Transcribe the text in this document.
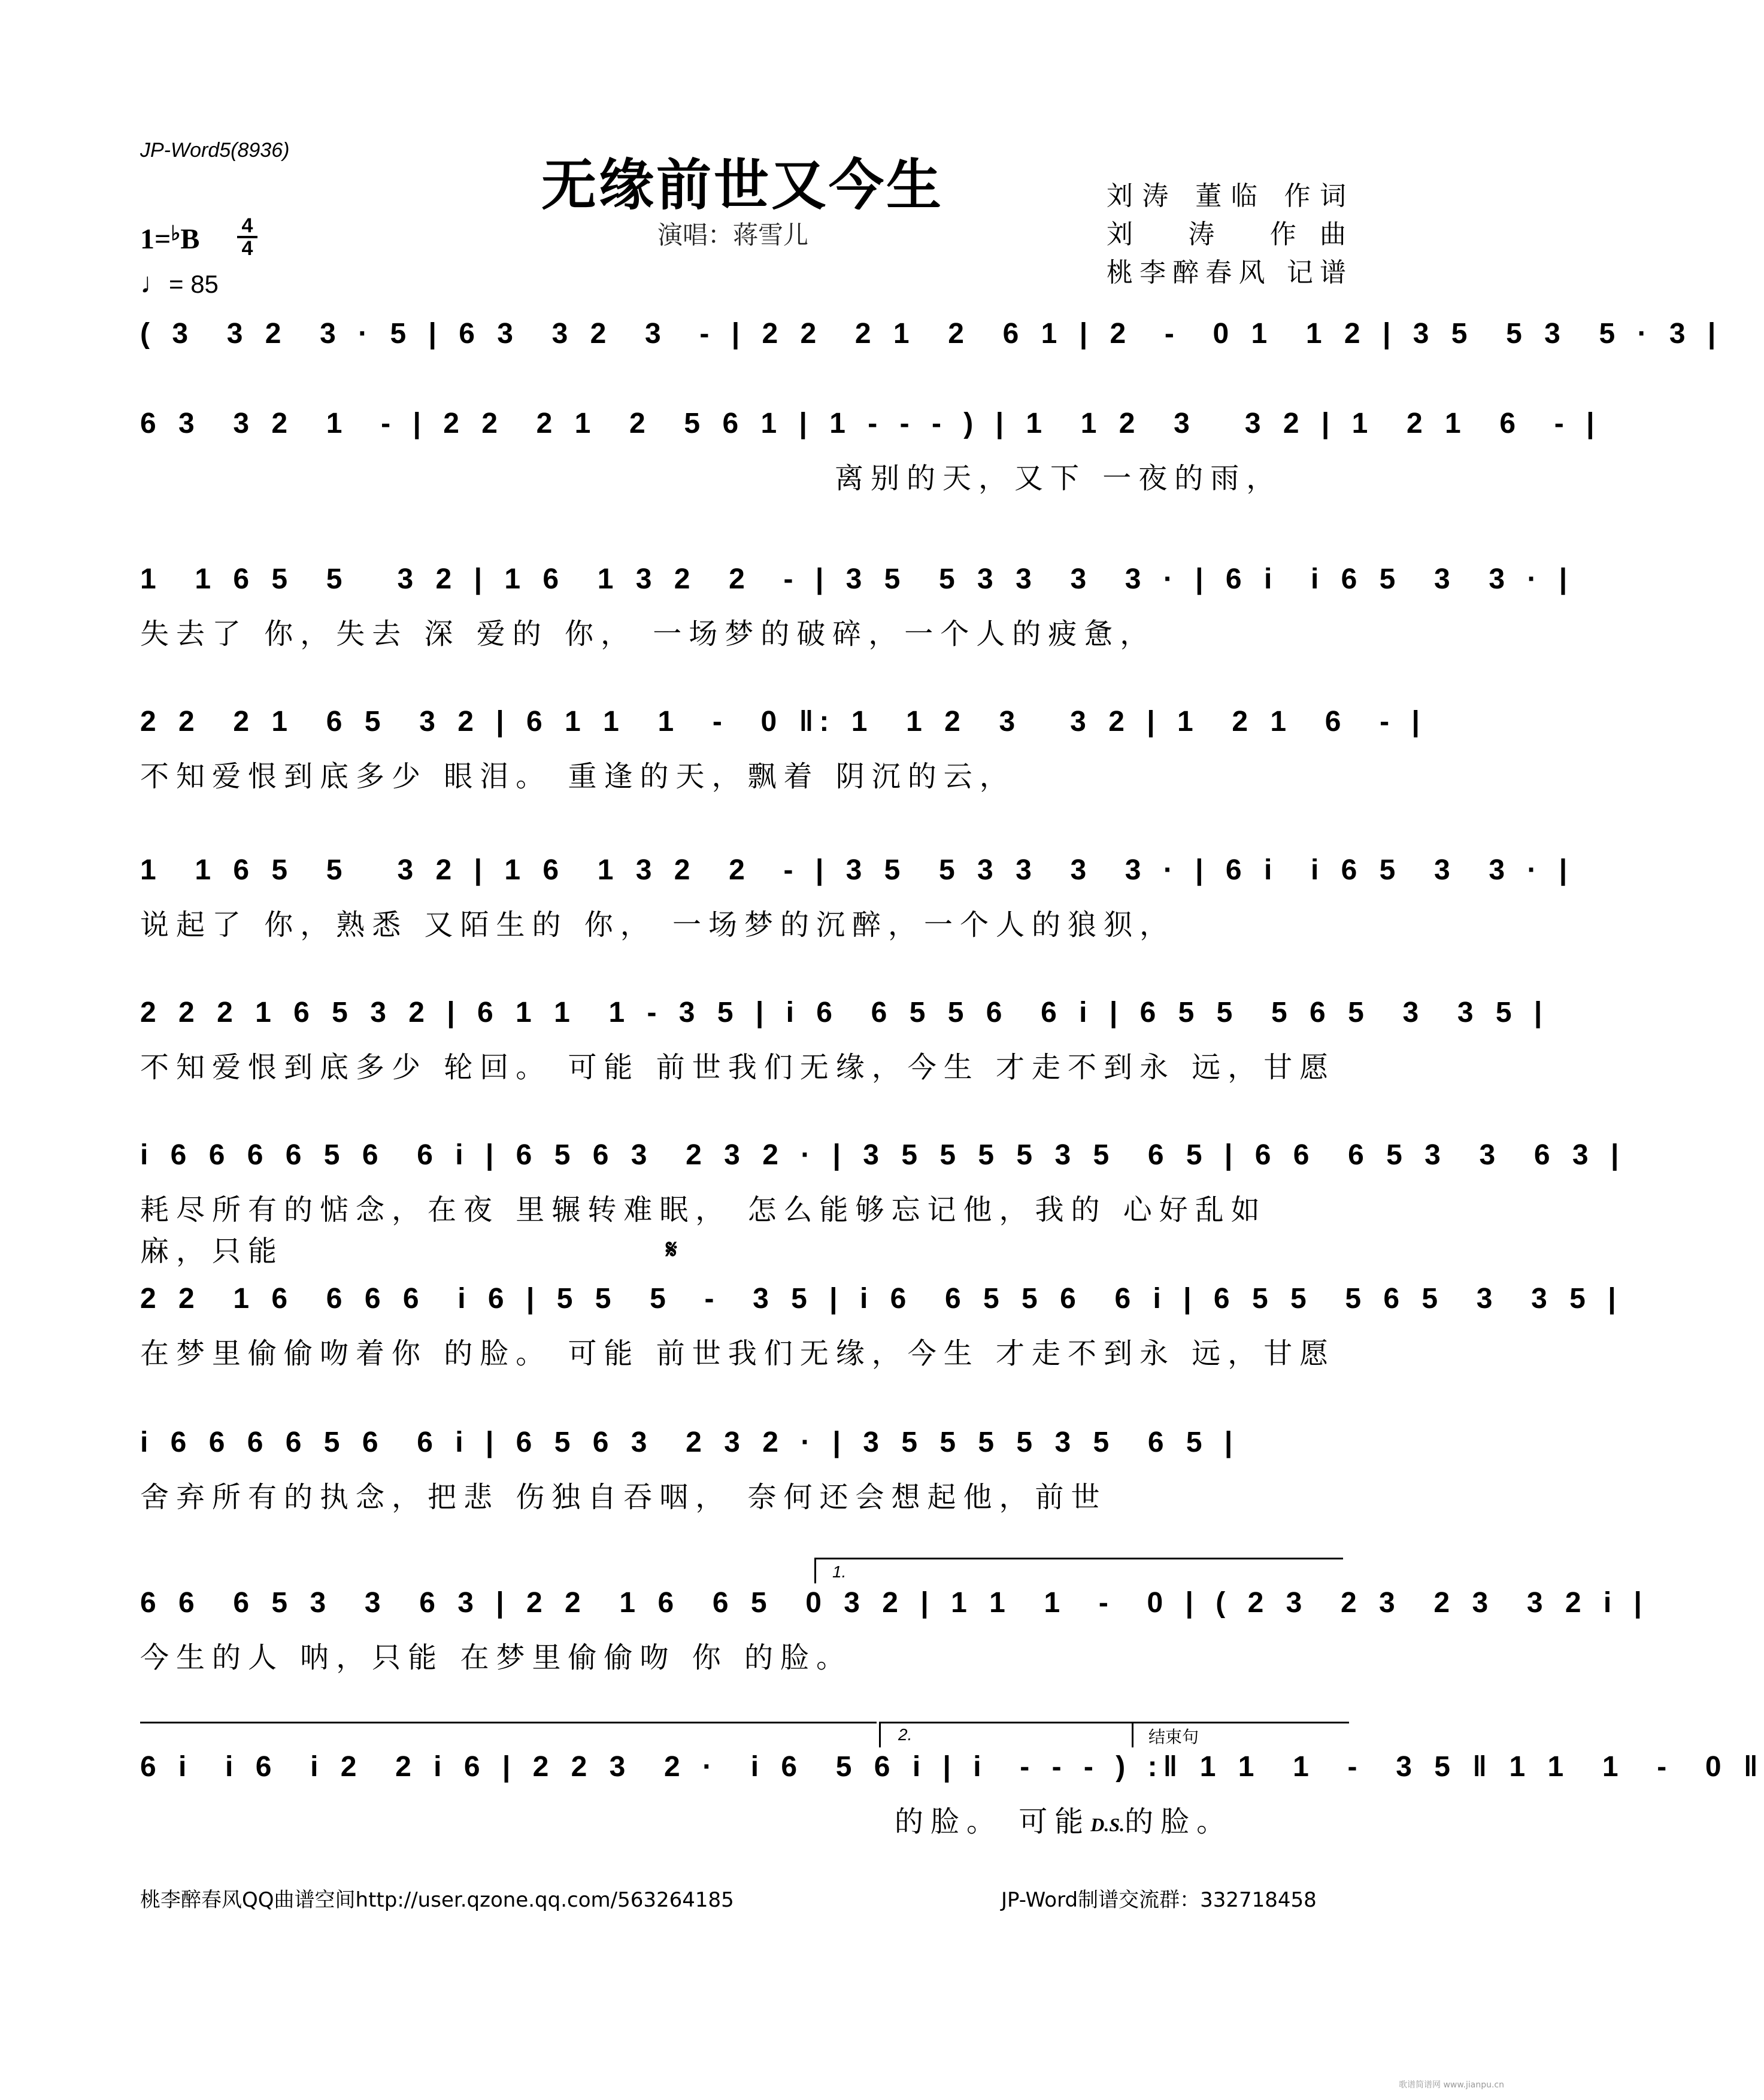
JP-Word5(8936)
无缘前世又今生
演唱：蒋雪儿
刘涛 董临 作词
刘 涛 作曲
桃李醉春风 记谱
1=♭B 4
4
♩= 85
( 3  3 2  3 · 5 | 6 3  3 2  3  - | 2 2  2 1  2  6 1 | 2  -  0 1  1 2 | 3 5  5 3  5 · 3 |
6 3  3 2  1  - | 2 2  2 1  2  5 6 1 | 1 - - - ) | 1  1 2  3   3 2 | 1  2 1  6  - |
离别的天，又下 一夜的雨，
1  1 6 5  5   3 2 | 1 6  1 3 2  2  - | 3 5  5 3 3  3  3 · | 6 i  i 6 5  3  3 · |
失去了 你，失去 深 爱的 你， 一场梦的破碎，一个人的疲惫，
2 2  2 1  6 5  3 2 | 6 1 1  1  -  0 ‖: 1  1 2  3   3 2 | 1  2 1  6  - |
不知爱恨到底多少 眼泪。 重逢的天，飘着 阴沉的云，
1  1 6 5  5   3 2 | 1 6  1 3 2  2  - | 3 5  5 3 3  3  3 · | 6 i  i 6 5  3  3 · |
说起了 你，熟悉 又陌生的 你， 一场梦的沉醉，一个人的狼狈，
2 2 2 1 6 5 3 2 | 6 1 1  1 - 3 5 | i 6  6 5 5 6  6 i | 6 5 5  5 6 5  3  3 5 |
不知爱恨到底多少 轮回。 可能 前世我们无缘，今生 才走不到永 远，甘愿
i 6 6 6 6 5 6  6 i | 6 5 6 3  2 3 2 · | 3 5 5 5 5 3 5  6 5 | 6 6  6 5 3  3  6 3 |
耗尽所有的惦念，在夜 里辗转难眠， 怎么能够忘记他，我的 心好乱如 麻，只能	𝄋
2 2  1 6  6 6 6  i 6 | 5 5  5  -  3 5 | i 6  6 5 5 6  6 i | 6 5 5  5 6 5  3  3 5 |
在梦里偷偷吻着你 的脸。 可能 前世我们无缘，今生 才走不到永 远，甘愿
i 6 6 6 6 5 6  6 i | 6 5 6 3  2 3 2 · | 3 5 5 5 5 3 5  6 5 |
舍弃所有的执念，把悲 伤独自吞咽， 奈何还会想起他，前世
1.
6 6  6 5 3  3  6 3 | 2 2  1 6  6 5  0 3 2 | 1 1  1  -  0 | ( 2 3  2 3  2 3  3 2 i |
今生的人 呐，只能 在梦里偷偷吻 你 的脸。
2.	结束句
6 i  i 6  i 2  2 i 6 | 2 2 3  2 ·  i 6  5 6 i | i  - - - ) :‖ 1 1  1  -  3 5 ‖ 1 1  1  -  0 ‖
的脸。 可能D.S.的脸。
桃李醉春风QQ曲谱空间http://user.qzone.qq.com/563264185	JP-Word制谱交流群：332718458
歌谱简谱网 www.jianpu.cn
